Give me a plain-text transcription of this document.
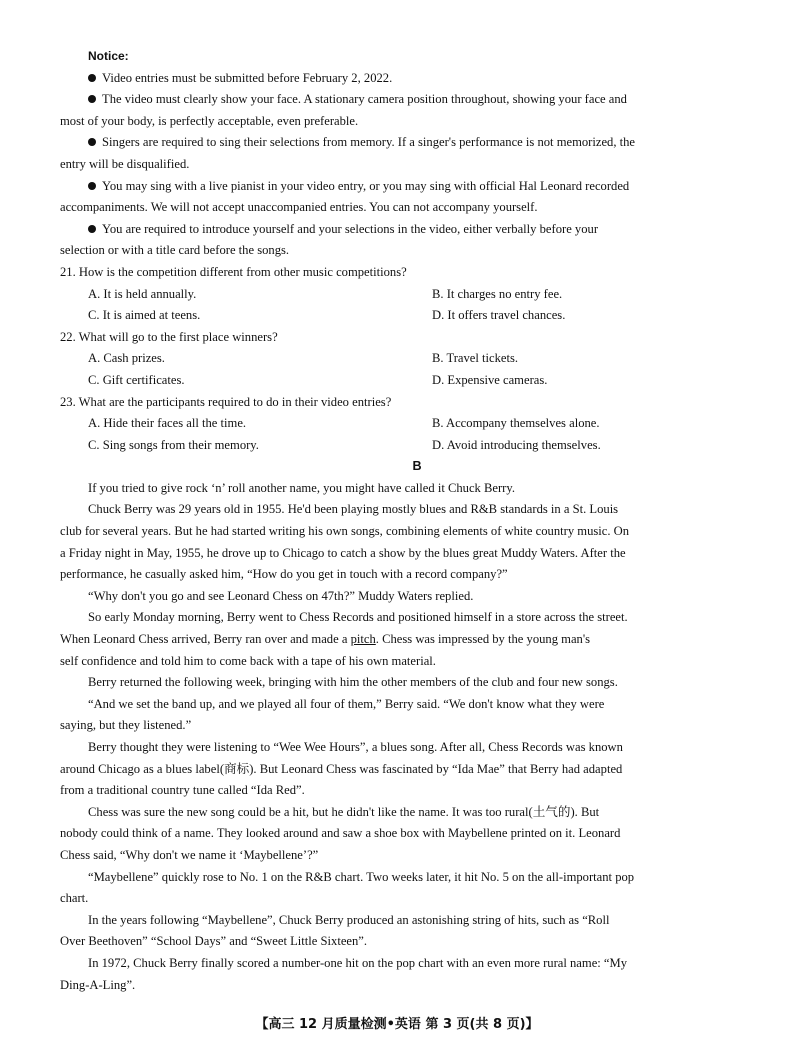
Notice:

Video entries must be submitted before February 2, 2022.

The video must clearly show your face. A stationary camera position throughout, showing your face and

most of your body, is perfectly acceptable, even preferable.

Singers are required to sing their selections from memory. If a singer's performance is not memorized, the

entry will be disqualified.

You may sing with a live pianist in your video entry, or you may sing with official Hal Leonard recorded

accompaniments. We will not accept unaccompanied entries. You can not accompany yourself.

You are required to introduce yourself and your selections in the video, either verbally before your

selection or with a title card before the songs.

21. How is the competition different from other music competitions?

A. It is held annually.	B. It charges no entry fee.
C. It is aimed at teens.	D. It offers travel chances.

22. What will go to the first place winners?

A. Cash prizes.	B. Travel tickets.
C. Gift certificates.	D. Expensive cameras.

23. What are the participants required to do in their video entries?

A. Hide their faces all the time.	B. Accompany themselves alone.
C. Sing songs from their memory.	D. Avoid introducing themselves.

B

If you tried to give rock ‘n’ roll another name, you might have called it Chuck Berry.

Chuck Berry was 29 years old in 1955. He'd been playing mostly blues and R&B standards in a St. Louis

club for several years. But he had started writing his own songs, combining elements of white country music. On

a Friday night in May, 1955, he drove up to Chicago to catch a show by the blues great Muddy Waters. After the

performance, he casually asked him, “How do you get in touch with a record company?”

“Why don't you go and see Leonard Chess on 47th?” Muddy Waters replied.

So early Monday morning, Berry went to Chess Records and positioned himself in a store across the street.

When Leonard Chess arrived, Berry ran over and made a pitch. Chess was impressed by the young man's

self confidence and told him to come back with a tape of his own material.

Berry returned the following week, bringing with him the other members of the club and four new songs.

“And we set the band up, and we played all four of them,” Berry said. “We don't know what they were

saying, but they listened.”

Berry thought they were listening to “Wee Wee Hours”, a blues song. After all, Chess Records was known

around Chicago as a blues label(商标). But Leonard Chess was fascinated by “Ida Mae” that Berry had adapted

from a traditional country tune called “Ida Red”.

Chess was sure the new song could be a hit, but he didn't like the name. It was too rural(土气的). But

nobody could think of a name. They looked around and saw a shoe box with Maybellene printed on it. Leonard

Chess said, “Why don't we name it ‘Maybellene’?”

“Maybellene” quickly rose to No. 1 on the R&B chart. Two weeks later, it hit No. 5 on the all-important pop

chart.

In the years following “Maybellene”, Chuck Berry produced an astonishing string of hits, such as “Roll

Over Beethoven” “School Days” and “Sweet Little Sixteen”.

In 1972, Chuck Berry finally scored a number-one hit on the pop chart with an even more rural name: “My

Ding-A-Ling”.

【高三 12 月质量检测•英语 第 3 页(共 8 页)】
